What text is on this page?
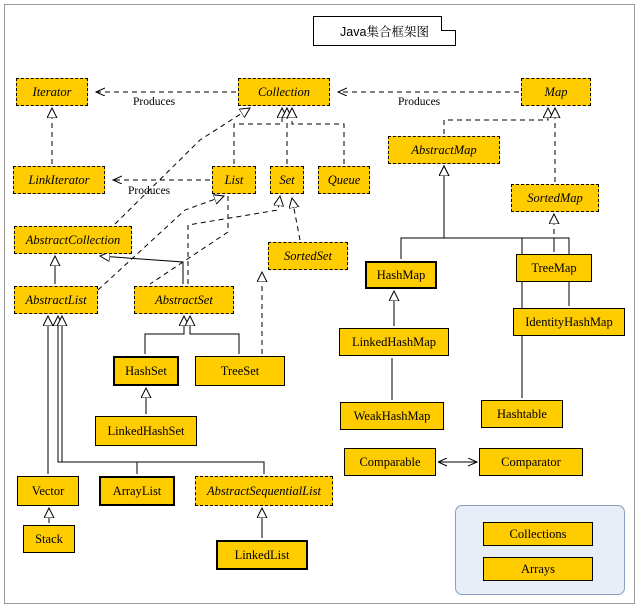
Java集合框架图
Iterator	Collection	Map
LinkIterator	List	Set	Queue
AbstractMap
SortedMap
AbstractCollection
SortedSet
AbstractList	AbstractSet
HashMap	TreeMap
IdentityHashMap
LinkedHashMap
HashSet	TreeSet
WeakHashMap	Hashtable
LinkedHashSet
Comparable	Comparator
Vector	ArrayList	AbstractSequentialList
Stack
LinkedList
Collections
Arrays
Produces	Produces
Produces
